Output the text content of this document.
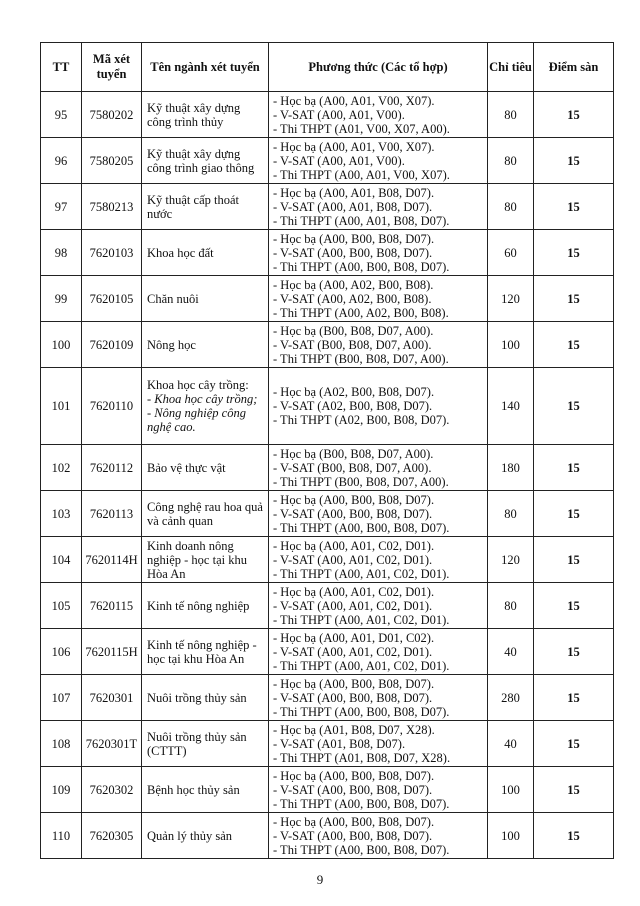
TT	Mã xét tuyển	Tên ngành xét tuyển	Phương thức (Các tổ hợp)	Chỉ tiêu	Điểm sàn
95	7580202	Kỹ thuật xây dựng công trình thủy	- Học bạ (A00, A01, V00, X07).
- V-SAT (A00, A01, V00).
- Thi THPT (A01, V00, X07, A00).	80	15
96	7580205	Kỹ thuật xây dựng công trình giao thông	- Học bạ (A00, A01, V00, X07).
- V-SAT (A00, A01, V00).
- Thi THPT (A00, A01, V00, X07).	80	15
97	7580213	Kỹ thuật cấp thoát nước	- Học bạ (A00, A01, B08, D07).
- V-SAT (A00, A01, B08, D07).
- Thi THPT (A00, A01, B08, D07).	80	15
98	7620103	Khoa học đất	- Học bạ (A00, B00, B08, D07).
- V-SAT (A00, B00, B08, D07).
- Thi THPT (A00, B00, B08, D07).	60	15
99	7620105	Chăn nuôi	- Học bạ (A00, A02, B00, B08).
- V-SAT (A00, A02, B00, B08).
- Thi THPT (A00, A02, B00, B08).	120	15
100	7620109	Nông học	- Học bạ (B00, B08, D07, A00).
- V-SAT (B00, B08, D07, A00).
- Thi THPT (B00, B08, D07, A00).	100	15
101	7620110	Khoa học cây trồng:
- Khoa học cây trồng;
- Nông nghiệp công nghệ cao.	- Học bạ (A02, B00, B08, D07).
- V-SAT (A02, B00, B08, D07).
- Thi THPT (A02, B00, B08, D07).	140	15
102	7620112	Bảo vệ thực vật	- Học bạ (B00, B08, D07, A00).
- V-SAT (B00, B08, D07, A00).
- Thi THPT (B00, B08, D07, A00).	180	15
103	7620113	Công nghệ rau hoa quả và cảnh quan	- Học bạ (A00, B00, B08, D07).
- V-SAT (A00, B00, B08, D07).
- Thi THPT (A00, B00, B08, D07).	80	15
104	7620114H	Kinh doanh nông nghiệp - học tại khu Hòa An	- Học bạ (A00, A01, C02, D01).
- V-SAT (A00, A01, C02, D01).
- Thi THPT (A00, A01, C02, D01).	120	15
105	7620115	Kinh tế nông nghiệp	- Học bạ (A00, A01, C02, D01).
- V-SAT (A00, A01, C02, D01).
- Thi THPT (A00, A01, C02, D01).	80	15
106	7620115H	Kinh tế nông nghiệp - học tại khu Hòa An	- Học bạ (A00, A01, D01, C02).
- V-SAT (A00, A01, C02, D01).
- Thi THPT (A00, A01, C02, D01).	40	15
107	7620301	Nuôi trồng thủy sản	- Học bạ (A00, B00, B08, D07).
- V-SAT (A00, B00, B08, D07).
- Thi THPT (A00, B00, B08, D07).	280	15
108	7620301T	Nuôi trồng thủy sản (CTTT)	- Học bạ (A01, B08, D07, X28).
- V-SAT (A01, B08, D07).
- Thi THPT (A01, B08, D07, X28).	40	15
109	7620302	Bệnh học thủy sản	- Học bạ (A00, B00, B08, D07).
- V-SAT (A00, B00, B08, D07).
- Thi THPT (A00, B00, B08, D07).	100	15
110	7620305	Quản lý thủy sản	- Học bạ (A00, B00, B08, D07).
- V-SAT (A00, B00, B08, D07).
- Thi THPT (A00, B00, B08, D07).	100	15
9
